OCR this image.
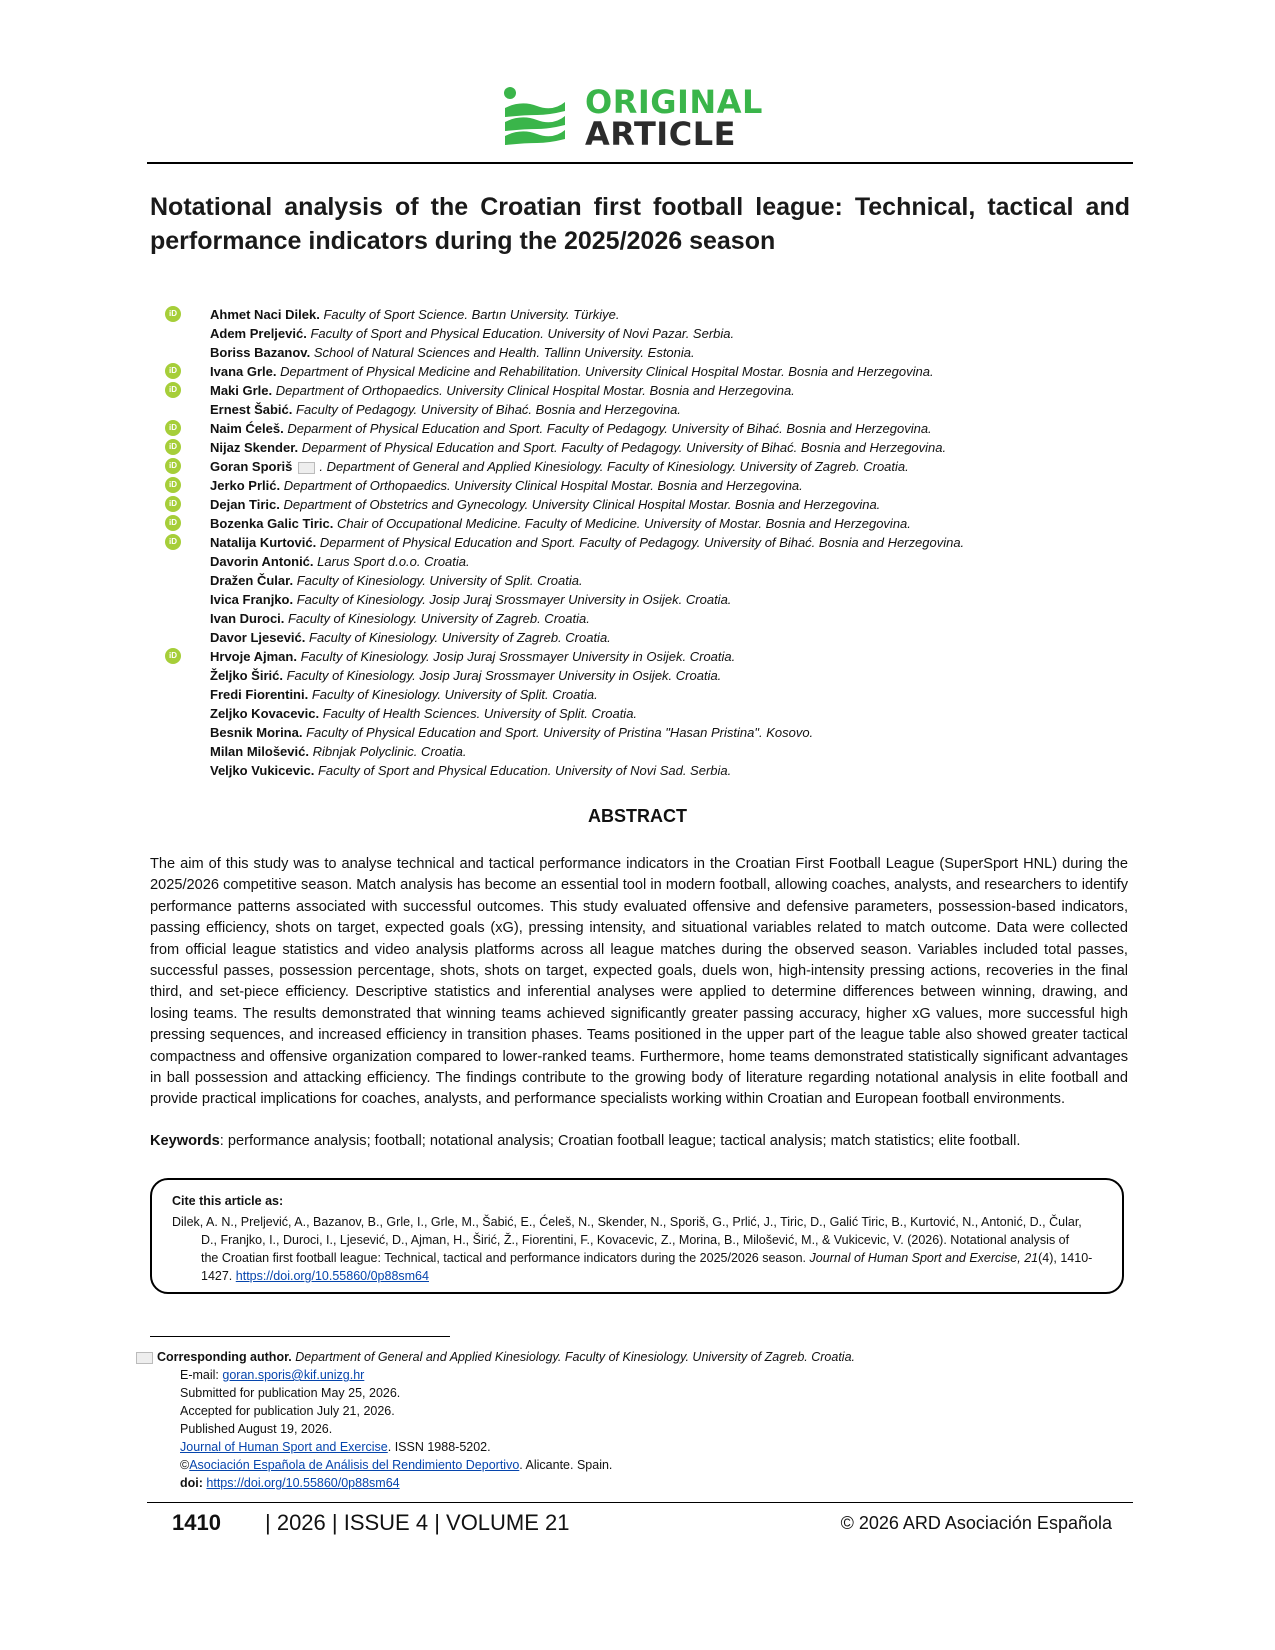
ORIGINAL
ARTICLE
Notational analysis of the Croatian first football league: Technical, tactical and performance indicators during the 2025/2026 season
iD	Ahmet Naci Dilek. Faculty of Sport Science. Bartın University. Türkiye.
Adem Preljević. Faculty of Sport and Physical Education. University of Novi Pazar. Serbia.
Boriss Bazanov. School of Natural Sciences and Health. Tallinn University. Estonia.
iD	Ivana Grle. Department of Physical Medicine and Rehabilitation. University Clinical Hospital Mostar. Bosnia and Herzegovina.
iD	Maki Grle. Department of Orthopaedics. University Clinical Hospital Mostar. Bosnia and Herzegovina.
Ernest Šabić. Faculty of Pedagogy. University of Bihać. Bosnia and Herzegovina.
iD	Naim Ćeleš. Deparment of Physical Education and Sport. Faculty of Pedagogy. University of Bihać. Bosnia and Herzegovina.
iD	Nijaz Skender. Deparment of Physical Education and Sport. Faculty of Pedagogy. University of Bihać. Bosnia and Herzegovina.
iD	Goran Sporiš . Department of General and Applied Kinesiology. Faculty of Kinesiology. University of Zagreb. Croatia.
iD	Jerko Prlić. Department of Orthopaedics. University Clinical Hospital Mostar. Bosnia and Herzegovina.
iD	Dejan Tiric. Department of Obstetrics and Gynecology. University Clinical Hospital Mostar. Bosnia and Herzegovina.
iD	Bozenka Galic Tiric. Chair of Occupational Medicine. Faculty of Medicine. University of Mostar. Bosnia and Herzegovina.
iD	Natalija Kurtović. Deparment of Physical Education and Sport. Faculty of Pedagogy. University of Bihać. Bosnia and Herzegovina.
Davorin Antonić. Larus Sport d.o.o. Croatia.
Dražen Čular. Faculty of Kinesiology. University of Split. Croatia.
Ivica Franjko. Faculty of Kinesiology. Josip Juraj Srossmayer University in Osijek. Croatia.
Ivan Duroci. Faculty of Kinesiology. University of Zagreb. Croatia.
Davor Ljesević. Faculty of Kinesiology. University of Zagreb. Croatia.
iD	Hrvoje Ajman. Faculty of Kinesiology. Josip Juraj Srossmayer University in Osijek. Croatia.
Željko Širić. Faculty of Kinesiology. Josip Juraj Srossmayer University in Osijek. Croatia.
Fredi Fiorentini. Faculty of Kinesiology. University of Split. Croatia.
Zeljko Kovacevic. Faculty of Health Sciences. University of Split. Croatia.
Besnik Morina. Faculty of Physical Education and Sport. University of Pristina "Hasan Pristina". Kosovo.
Milan Milošević. Ribnjak Polyclinic. Croatia.
Veljko Vukicevic. Faculty of Sport and Physical Education. University of Novi Sad. Serbia.
ABSTRACT

The aim of this study was to analyse technical and tactical performance indicators in the Croatian First Football League (SuperSport HNL) during the 2025/2026 competitive season. Match analysis has become an essential tool in modern football, allowing coaches, analysts, and researchers to identify performance patterns associated with successful outcomes. This study evaluated offensive and defensive parameters, possession-based indicators, passing efficiency, shots on target, expected goals (xG), pressing intensity, and situational variables related to match outcome. Data were collected from official league statistics and video analysis platforms across all league matches during the observed season. Variables included total passes, successful passes, possession percentage, shots, shots on target, expected goals, duels won, high-intensity pressing actions, recoveries in the final third, and set-piece efficiency. Descriptive statistics and inferential analyses were applied to determine differences between winning, drawing, and losing teams. The results demonstrated that winning teams achieved significantly greater passing accuracy, higher xG values, more successful high pressing sequences, and increased efficiency in transition phases. Teams positioned in the upper part of the league table also showed greater tactical compactness and offensive organization compared to lower-ranked teams. Furthermore, home teams demonstrated statistically significant advantages in ball possession and attacking efficiency. The findings contribute to the growing body of literature regarding notational analysis in elite football and provide practical implications for coaches, analysts, and performance specialists working within Croatian and European football environments.

Keywords: performance analysis; football; notational analysis; Croatian football league; tactical analysis; match statistics; elite football.

Cite this article as:
Dilek, A. N., Preljević, A., Bazanov, B., Grle, I., Grle, M., Šabić, E., Ćeleš, N., Skender, N., Sporiš, G., Prlić, J., Tiric, D., Galić Tiric, B., Kurtović, N., Antonić, D., Čular,
D., Franjko, I., Duroci, I., Ljesević, D., Ajman, H., Širić, Ž., Fiorentini, F., Kovacevic, Z., Morina, B., Milošević, M., & Vukicevic, V. (2026). Notational analysis of
the Croatian first football league: Technical, tactical and performance indicators during the 2025/2026 season. Journal of Human Sport and Exercise, 21(4), 1410-
1427. https://doi.org/10.55860/0p88sm64
Corresponding author. Department of General and Applied Kinesiology. Faculty of Kinesiology. University of Zagreb. Croatia.
E-mail: goran.sporis@kif.unizg.hr
Submitted for publication May 25, 2026.
Accepted for publication July 21, 2026.
Published August 19, 2026.
Journal of Human Sport and Exercise. ISSN 1988-5202.
©Asociación Española de Análisis del Rendimiento Deportivo. Alicante. Spain.
doi: https://doi.org/10.55860/0p88sm64
1410 | 2026 | ISSUE 4 | VOLUME 21	© 2026 ARD Asociación Española
